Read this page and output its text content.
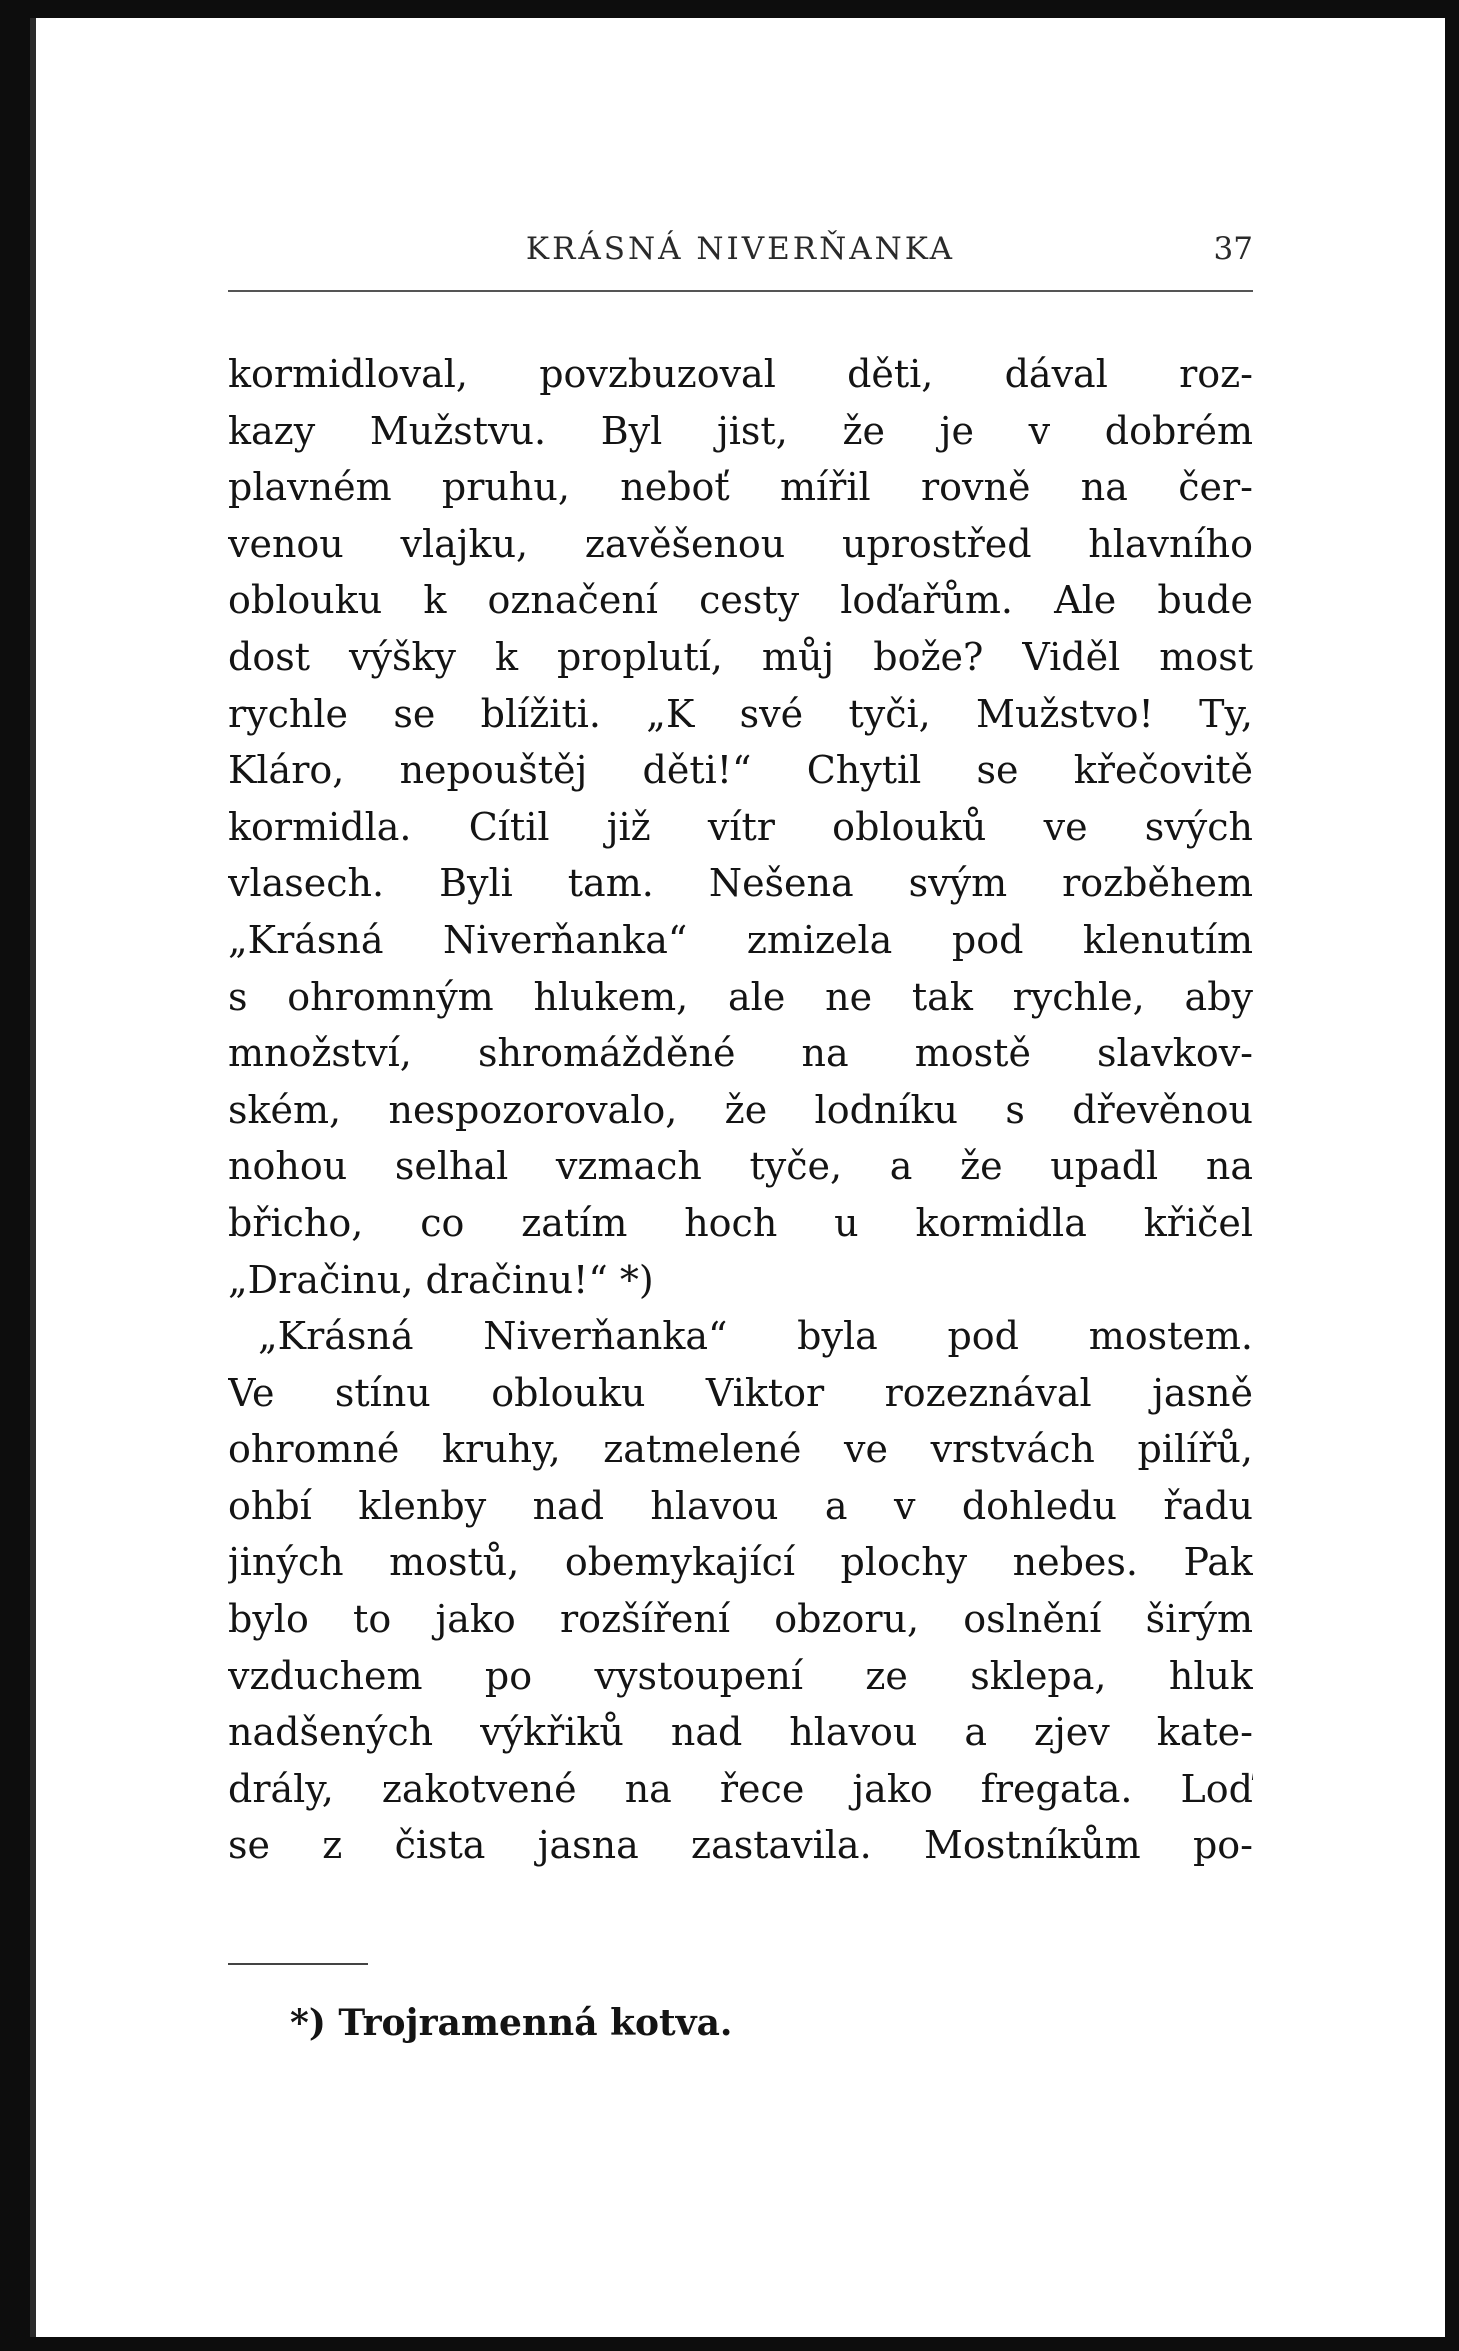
KRÁSNÁ NIVERŇANKA	37
kormidloval, povzbuzoval děti, dával roz-
kazy Mužstvu. Byl jist, že je v dobrém
plavném pruhu, neboť mířil rovně na čer-
venou vlajku, zavěšenou uprostřed hlavního
oblouku k označení cesty loďařům. Ale bude
dost výšky k proplutí, můj bože? Viděl most
rychle se blížiti. „K své tyči, Mužstvo! Ty,
Kláro, nepouštěj děti!“ Chytil se křečovitě
kormidla. Cítil již vítr oblouků ve svých
vlasech. Byli tam. Nešena svým rozběhem
„Krásná Niverňanka“ zmizela pod klenutím
s ohromným hlukem, ale ne tak rychle, aby
množství, shromážděné na mostě slavkov-
ském, nespozorovalo, že lodníku s dřevěnou
nohou selhal vzmach tyče, a že upadl na
břicho, co zatím hoch u kormidla křičel
„Dračinu, dračinu!“ *)
„Krásná Niverňanka“ byla pod mostem.
Ve stínu oblouku Viktor rozeznával jasně
ohromné kruhy, zatmelené ve vrstvách pilířů,
ohbí klenby nad hlavou a v dohledu řadu
jiných mostů, obemykající plochy nebes. Pak
bylo to jako rozšíření obzoru, oslnění širým
vzduchem po vystoupení ze sklepa, hluk
nadšených výkřiků nad hlavou a zjev kate-
drály, zakotvené na řece jako fregata. Loď
se z čista jasna zastavila. Mostníkům po-
*) Trojramenná kotva.
